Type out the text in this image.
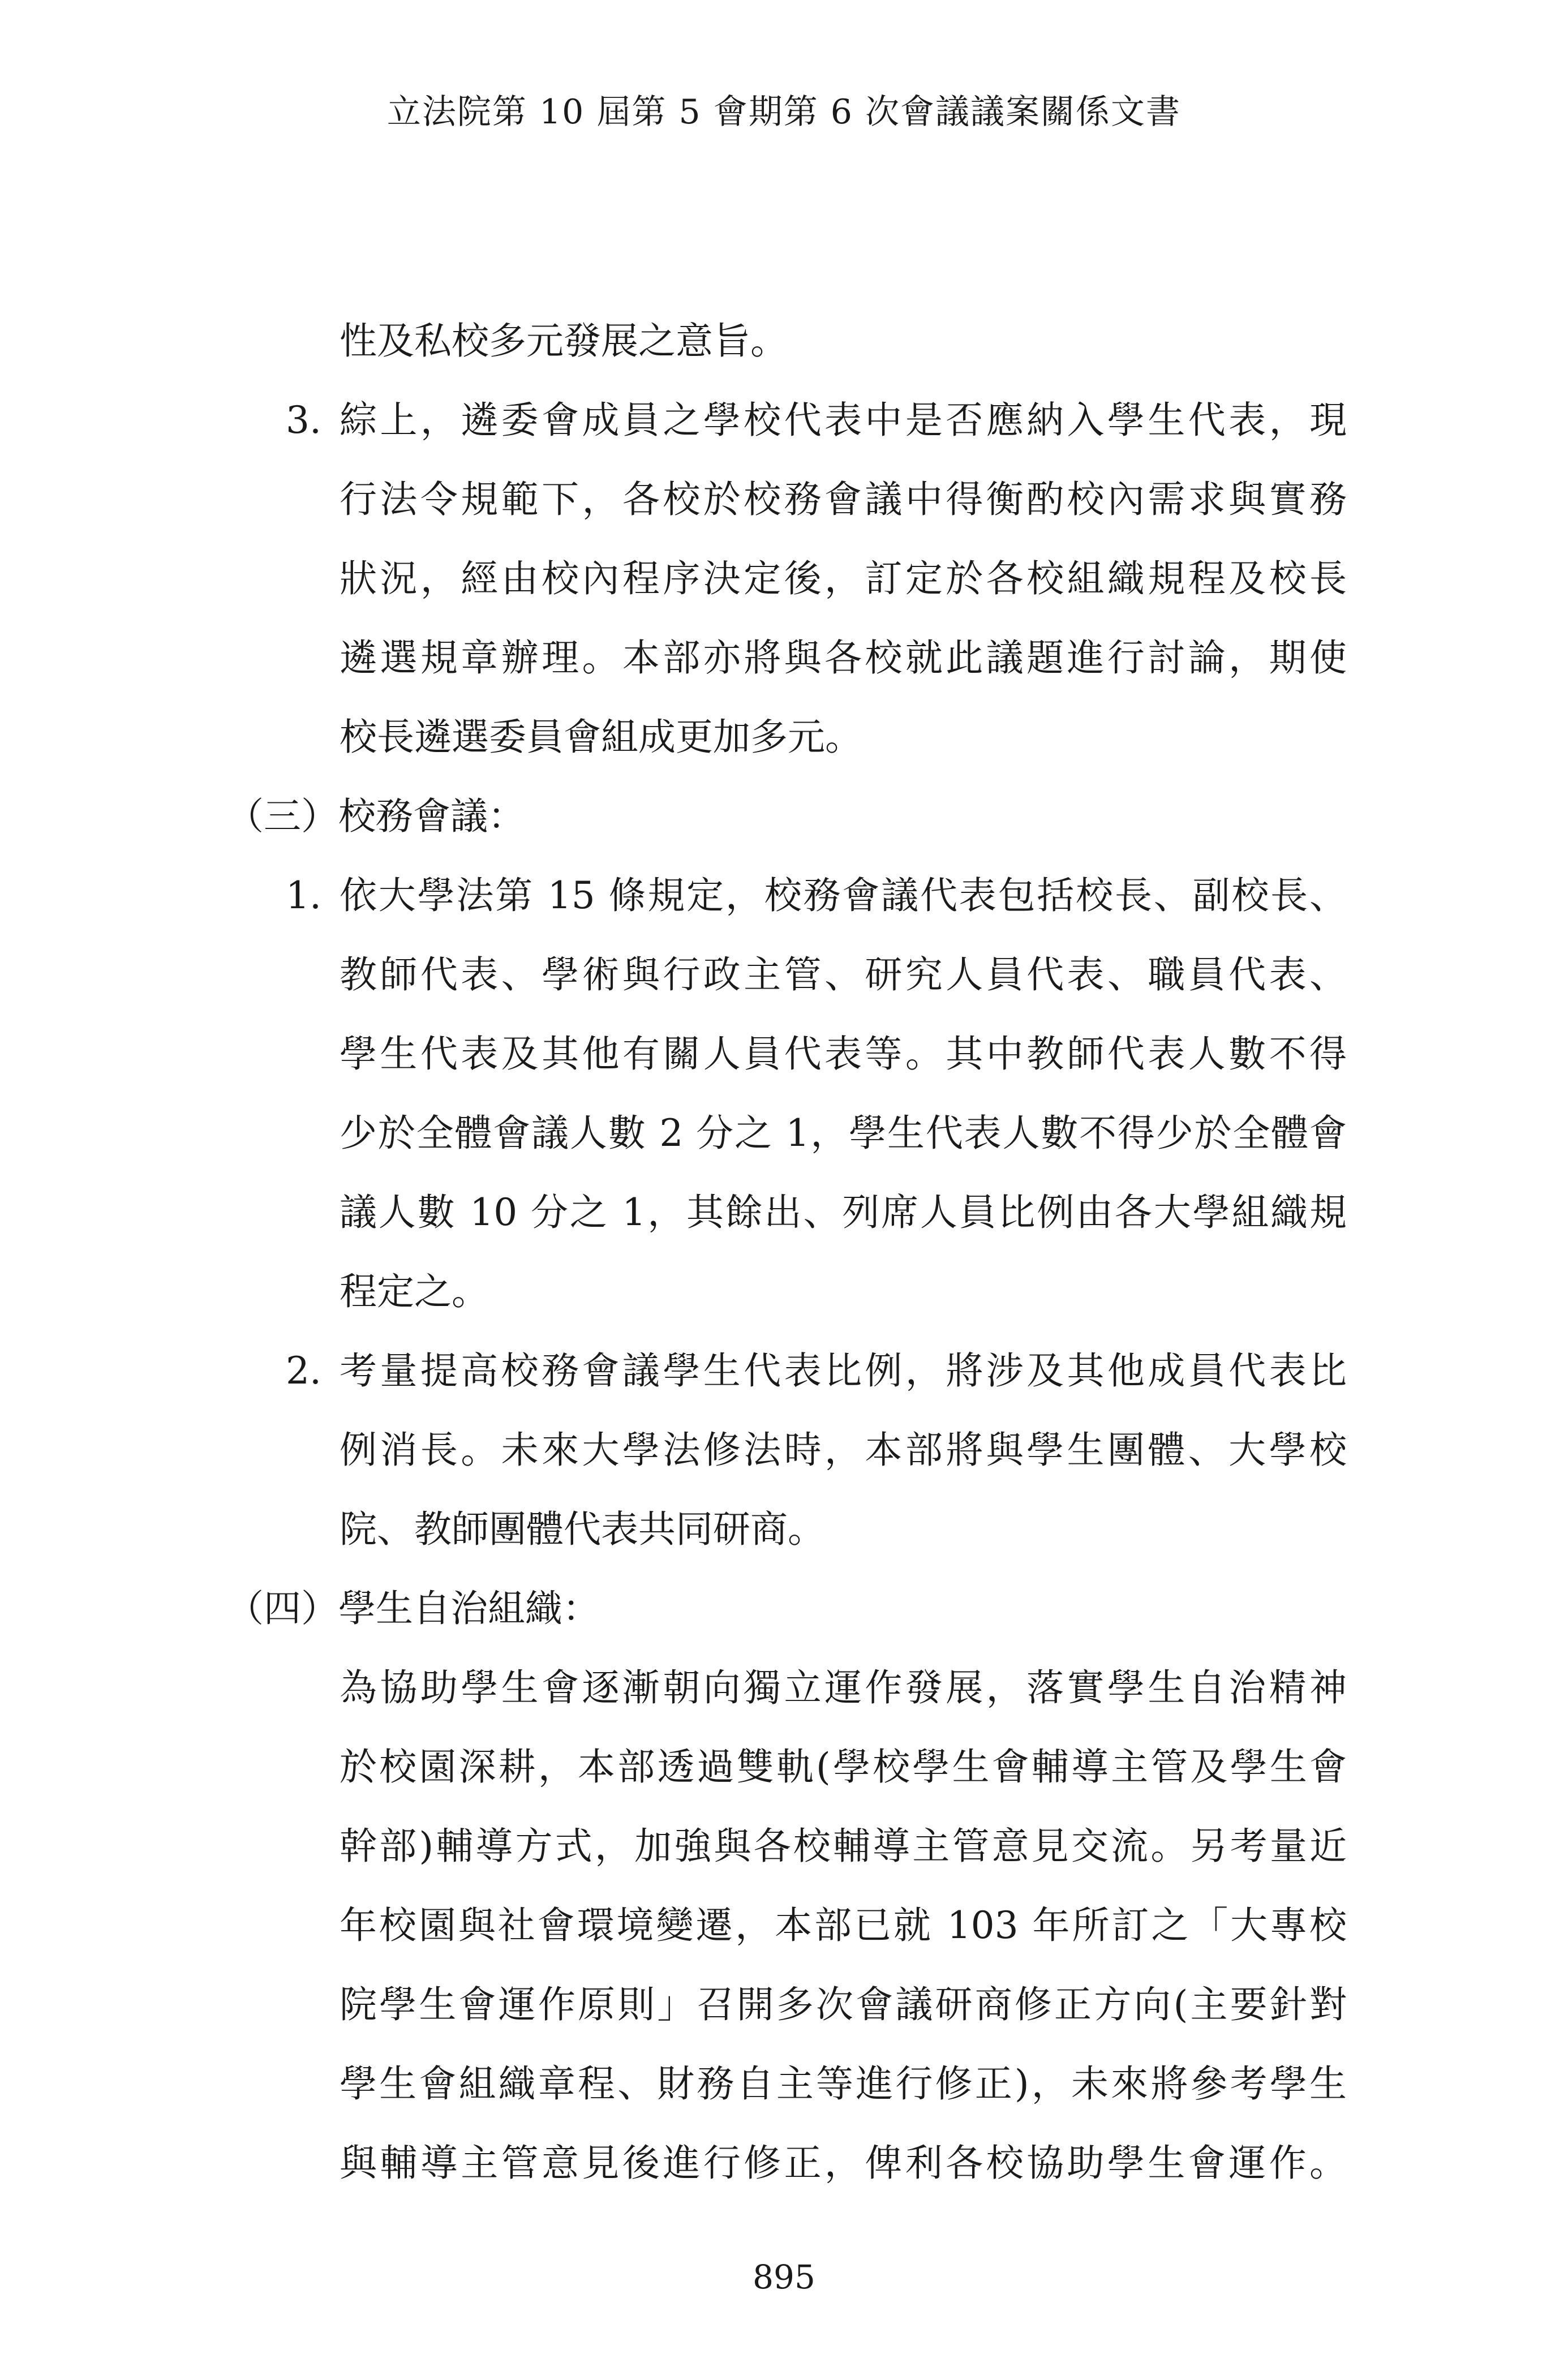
立法院第 10 屆第 5 會期第 6 次會議議案關係文書
性及私校多元發展之意旨。
3. 綜上，遴委會成員之學校代表中是否應納入學生代表，現
行法令規範下，各校於校務會議中得衡酌校內需求與實務
狀況，經由校內程序決定後，訂定於各校組織規程及校長
遴選規章辦理。本部亦將與各校就此議題進行討論，期使
校長遴選委員會組成更加多元。
（三）校務會議：
1. 依大學法第 15 條規定，校務會議代表包括校長、副校長、
教師代表、學術與行政主管、研究人員代表、職員代表、
學生代表及其他有關人員代表等。其中教師代表人數不得
少於全體會議人數 2 分之 1，學生代表人數不得少於全體會
議人數 10 分之 1，其餘出、列席人員比例由各大學組織規
程定之。
2. 考量提高校務會議學生代表比例，將涉及其他成員代表比
例消長。未來大學法修法時，本部將與學生團體、大學校
院、教師團體代表共同研商。
（四）學生自治組織：
為協助學生會逐漸朝向獨立運作發展，落實學生自治精神
於校園深耕，本部透過雙軌(學校學生會輔導主管及學生會
幹部)輔導方式，加強與各校輔導主管意見交流。另考量近
年校園與社會環境變遷，本部已就 103 年所訂之「大專校
院學生會運作原則」召開多次會議研商修正方向(主要針對
學生會組織章程、財務自主等進行修正)，未來將參考學生
與輔導主管意見後進行修正，俾利各校協助學生會運作。
895
